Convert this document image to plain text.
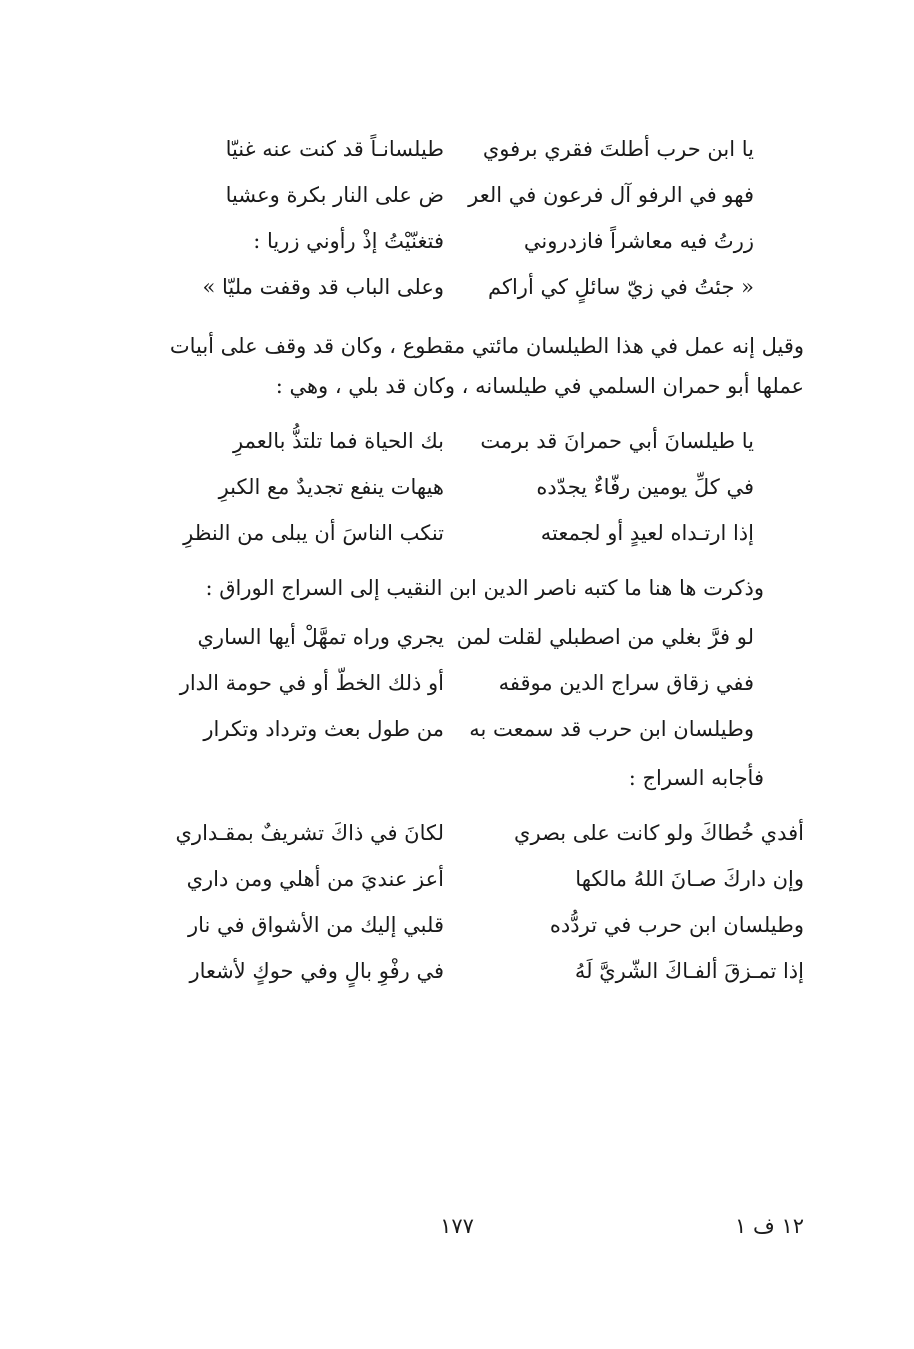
يا ابن حرب أطلتَ فقري برفوي
طيلسانـاً قد كنت عنه غنيّا
فهو في الرفو آل فرعون في العر
ض على النار بكرة وعشيا
زرتُ فيه معاشراً فازدروني
فتغنّيْتُ إذْ رأوني زريا :
« جئتُ في زيّ سائلٍ كي أراكم
وعلى الباب قد وقفت مليّا »
وقيل إنه عمل في هذا الطيلسان مائتي مقطوع ، وكان قد وقف على أبيات
عملها أبو حمران السلمي في طيلسانه ، وكان قد بلي ، وهي :
يا طيلسانَ أبي حمرانَ قد برمت
بك الحياة فما تلتذُّ بالعمرِ
في كلِّ يومين رفّاءٌ يجدّده
هيهات ينفع تجديدٌ مع الكبرِ
إذا ارتـداه لعيدٍ أو لجمعته
تنكب الناسَ أن يبلى من النظرِ
وذكرت ها هنا ما كتبه ناصر الدين ابن النقيب إلى السراج الوراق :
لو فرَّ بغلي من اصطبلي لقلت لمن
يجري وراه تمهَّلْ أيها الساري
ففي زقاق سراج الدين موقفه
أو ذلك الخطّ أو في حومة الدار
وطيلسان ابن حرب قد سمعت به
من طول بعث وترداد وتكرار
فأجابه السراج :
أفدي خُطاكَ ولو كانت على بصري
لكانَ في ذاكَ تشريفٌ بمقـداري
وإن داركَ صـانَ اللهُ مالكها
أعز عنديَ من أهلي ومن داري
وطيلسان ابن حرب في تردُّده
قلبي إليك من الأشواق في نار
إذا تمـزقَ ألفـاكَ الشّريَّ لَهُ
في رفْوِ بالٍ وفي حوكٍ لأشعار
١٧٧	١٢ ف ١
